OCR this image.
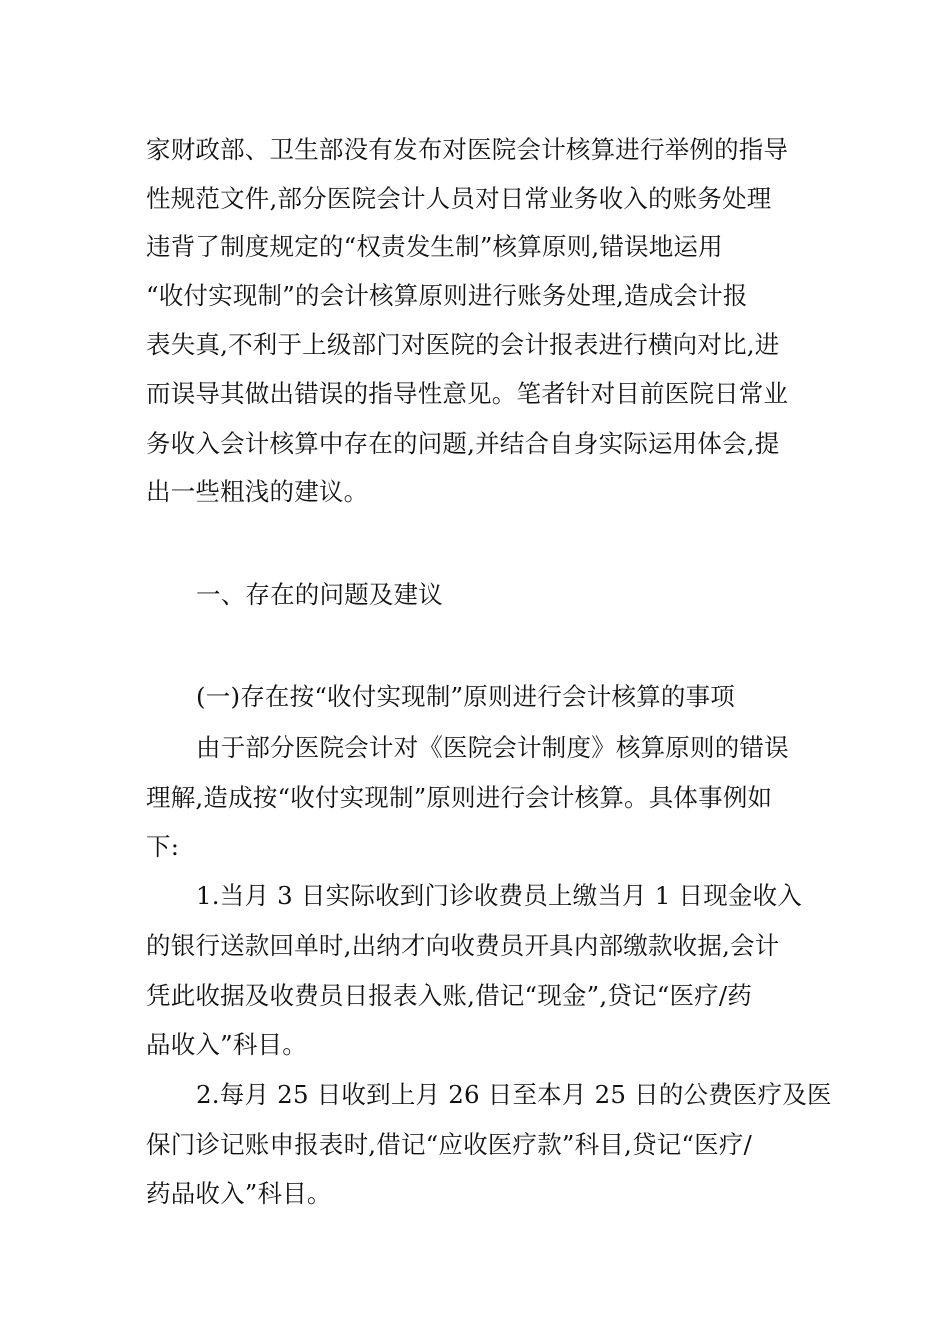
家财政部、卫生部没有发布对医院会计核算进行举例的指导
性规范文件,部分医院会计人员对日常业务收入的账务处理
违背了制度规定的“权责发生制”核算原则,错误地运用
“收付实现制”的会计核算原则进行账务处理,造成会计报
表失真,不利于上级部门对医院的会计报表进行横向对比,进
而误导其做出错误的指导性意见。笔者针对目前医院日常业
务收入会计核算中存在的问题,并结合自身实际运用体会,提
出一些粗浅的建议。
一、存在的问题及建议
(一)存在按“收付实现制”原则进行会计核算的事项
由于部分医院会计对《医院会计制度》核算原则的错误
理解,造成按“收付实现制”原则进行会计核算。具体事例如
下:
1.当月 3 日实际收到门诊收费员上缴当月 1 日现金收入
的银行送款回单时,出纳才向收费员开具内部缴款收据,会计
凭此收据及收费员日报表入账,借记“现金”,贷记“医疗/药
品收入”科目。
2.每月 25 日收到上月 26 日至本月 25 日的公费医疗及医
保门诊记账申报表时,借记“应收医疗款”科目,贷记“医疗/
药品收入”科目。
